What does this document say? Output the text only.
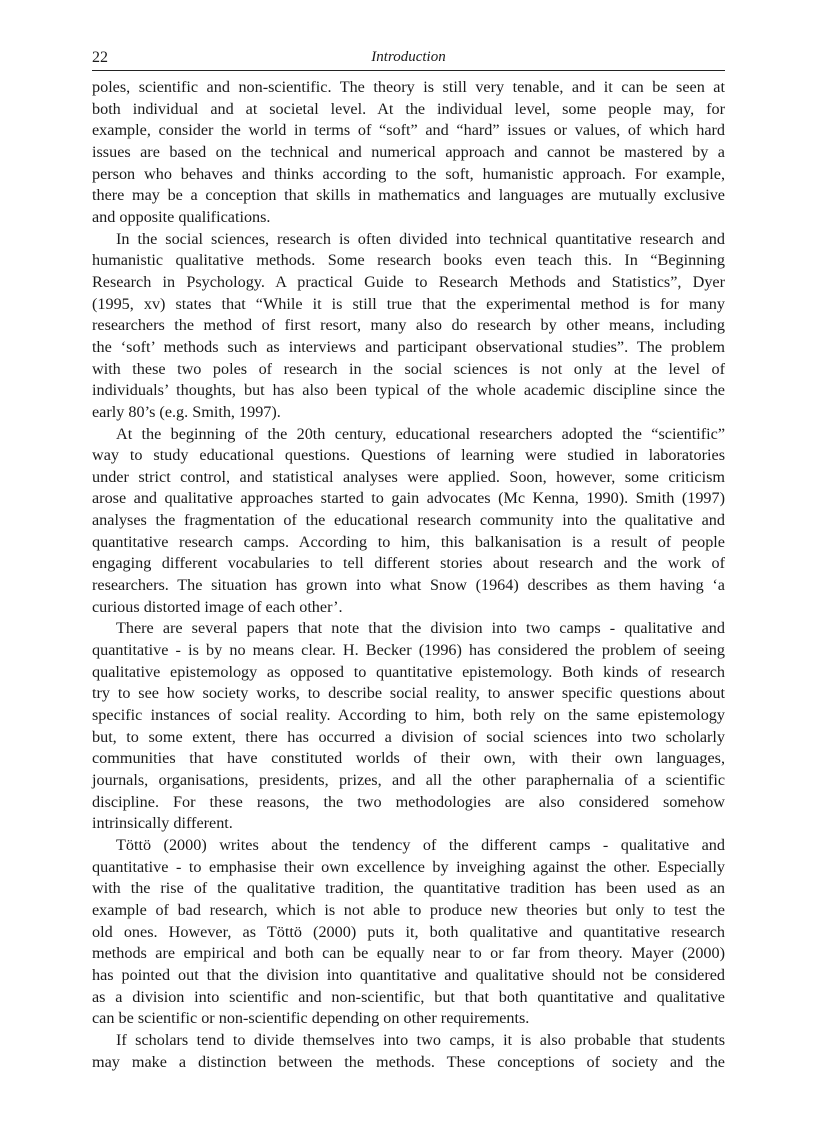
22	Introduction
poles, scientific and non-scientific. The theory is still very tenable, and it can be seen at
both individual and at societal level. At the individual level, some people may, for
example, consider the world in terms of “soft” and “hard” issues or values, of which hard
issues are based on the technical and numerical approach and cannot be mastered by a
person who behaves and thinks according to the soft, humanistic approach. For example,
there may be a conception that skills in mathematics and languages are mutually exclusive
and opposite qualifications.
In the social sciences, research is often divided into technical quantitative research and
humanistic qualitative methods. Some research books even teach this. In “Beginning
Research in Psychology. A practical Guide to Research Methods and Statistics”, Dyer
(1995, xv) states that “While it is still true that the experimental method is for many
researchers the method of first resort, many also do research by other means, including
the ‘soft’ methods such as interviews and participant observational studies”. The problem
with these two poles of research in the social sciences is not only at the level of
individuals’ thoughts, but has also been typical of the whole academic discipline since the
early 80’s (e.g. Smith, 1997).
At the beginning of the 20th century, educational researchers adopted the “scientific”
way to study educational questions. Questions of learning were studied in laboratories
under strict control, and statistical analyses were applied. Soon, however, some criticism
arose and qualitative approaches started to gain advocates (Mc Kenna, 1990). Smith (1997)
analyses the fragmentation of the educational research community into the qualitative and
quantitative research camps. According to him, this balkanisation is a result of people
engaging different vocabularies to tell different stories about research and the work of
researchers. The situation has grown into what Snow (1964) describes as them having ‘a
curious distorted image of each other’.
There are several papers that note that the division into two camps - qualitative and
quantitative - is by no means clear. H. Becker (1996) has considered the problem of seeing
qualitative epistemology as opposed to quantitative epistemology. Both kinds of research
try to see how society works, to describe social reality, to answer specific questions about
specific instances of social reality. According to him, both rely on the same epistemology
but, to some extent, there has occurred a division of social sciences into two scholarly
communities that have constituted worlds of their own, with their own languages,
journals, organisations, presidents, prizes, and all the other paraphernalia of a scientific
discipline. For these reasons, the two methodologies are also considered somehow
intrinsically different.
Töttö (2000) writes about the tendency of the different camps - qualitative and
quantitative - to emphasise their own excellence by inveighing against the other. Especially
with the rise of the qualitative tradition, the quantitative tradition has been used as an
example of bad research, which is not able to produce new theories but only to test the
old ones. However, as Töttö (2000) puts it, both qualitative and quantitative research
methods are empirical and both can be equally near to or far from theory. Mayer (2000)
has pointed out that the division into quantitative and qualitative should not be considered
as a division into scientific and non-scientific, but that both quantitative and qualitative
can be scientific or non-scientific depending on other requirements.
If scholars tend to divide themselves into two camps, it is also probable that students
may make a distinction between the methods. These conceptions of society and the
